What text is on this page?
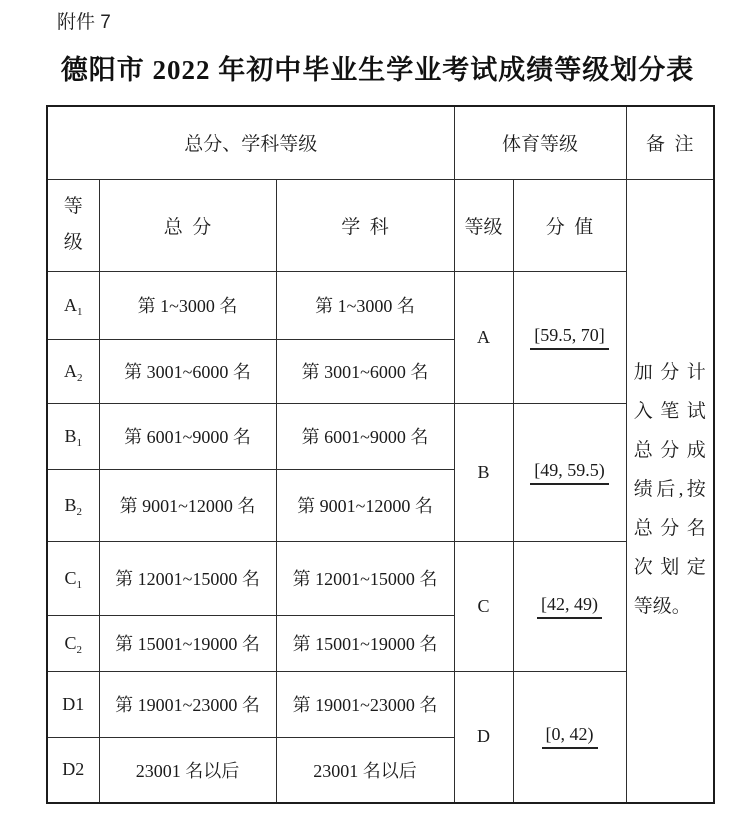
附件 7
德阳市 2022 年初中毕业生学业考试成绩等级划分表
总分、学科等级			体育等级		备  注
等级	总  分	学  科	等级	分  值	加分计入笔试总分成绩后,按总分名次划定等级。

$A_1$	第 1~3000 名	第 1~3000 名	A	[59.5, 70]	
$A_2$	第 3001~6000 名	第 3001~6000 名			
$B_1$	第 6001~9000 名	第 6001~9000 名	B	[49, 59.5)	
$B_2$	第 9001~12000 名	第 9001~12000 名			
$C_1$	第 12001~15000 名	第 12001~15000 名	C	[42, 49)	
$C_2$	第 15001~19000 名	第 15001~19000 名			
D1	第 19001~23000 名	第 19001~23000 名	D	[0, 42)	
D2	23001 名以后	23001 名以后			
